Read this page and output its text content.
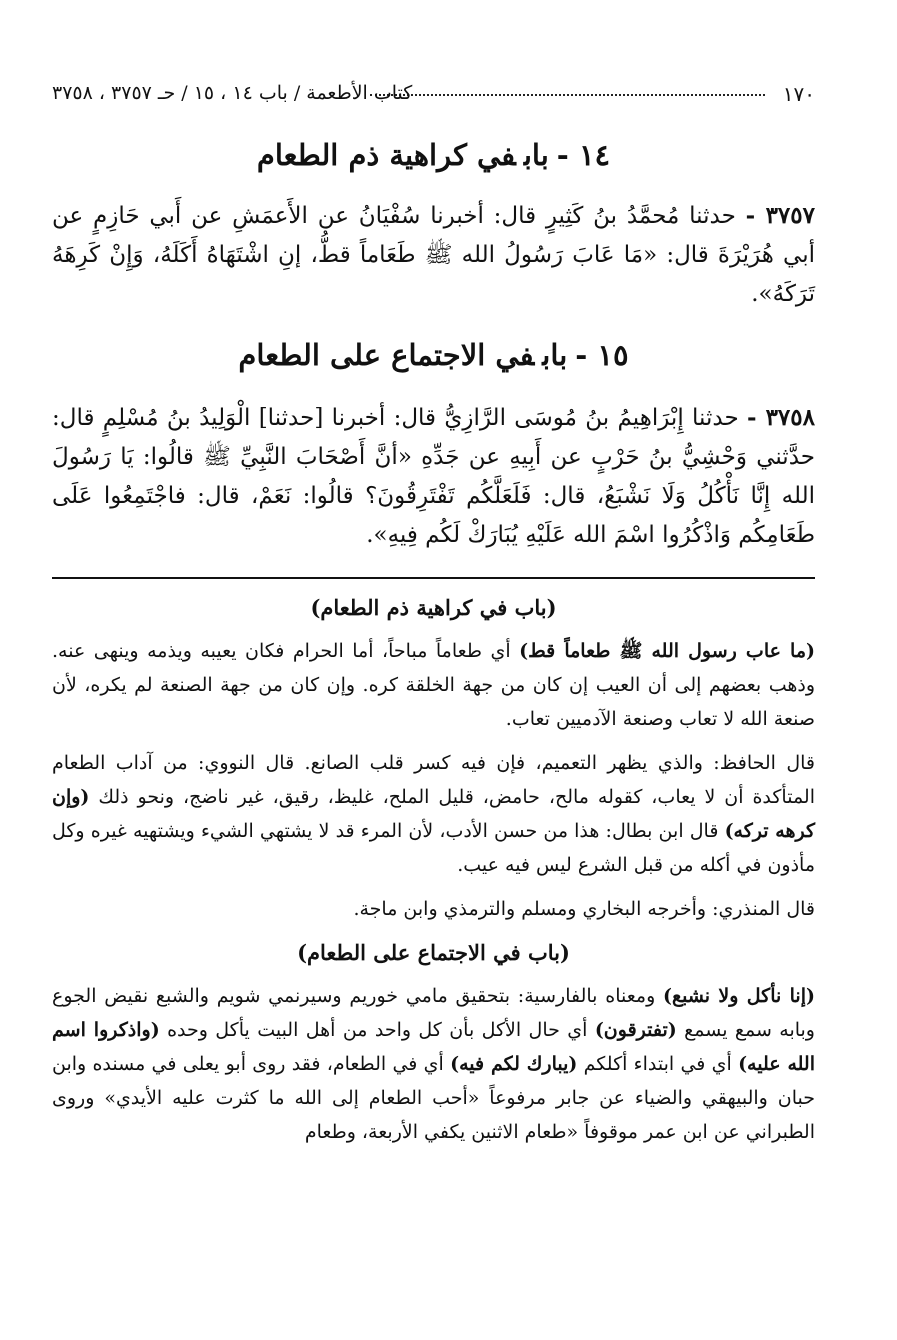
١٧٠
كتاب الأطعمة / باب ١٤ ، ١٥ / حـ ٣٧٥٧ ، ٣٧٥٨
١٤ -بابفي كراهية ذم الطعام

٣٧٥٧ - حدثنا مُحمَّدُ بنُ كَثِيرٍ قال: أخبرنا سُفْيَانُ عن الأَعمَشِ عن أَبي حَازِمٍ عن أبي هُرَيْرَةَ قال: «مَا عَابَ رَسُولُ الله ﷺ طَعَاماً قطُّ، إنِ اشْتَهَاهُ أَكَلَهُ، وَإِنْ كَرِهَهُ تَرَكَهُ».

١٥ -بابفي الاجتماع على الطعام

٣٧٥٨ - حدثنا إِبْرَاهِيمُ بنُ مُوسَى الرَّازِيُّ قال: أخبرنا [حدثنا] الْوَلِيدُ بنُ مُسْلِمٍ قال: حدَّثني وَحْشِيُّ بنُ حَرْبٍ عن أَبِيهِ عن جَدِّهِ «أنَّ أَصْحَابَ النَّبِيِّ ﷺ قالُوا: يَا رَسُولَ الله إِنَّا نَأْكُلُ وَلَا نَشْبَعُ، قال: فَلَعَلَّكُم تَفْتَرِقُونَ؟ قالُوا: نَعَمْ، قال: فاجْتَمِعُوا عَلَى طَعَامِكُم وَاذْكُرُوا اسْمَ الله عَلَيْهِ يُبَارَكْ لَكُم فِيهِ».

(باب في كراهية ذم الطعام)

(ما عاب رسول الله ﷺ طعاماً قط) أي طعاماً مباحاً، أما الحرام فكان يعيبه ويذمه وينهى عنه. وذهب بعضهم إلى أن العيب إن كان من جهة الخلقة كره. وإن كان من جهة الصنعة لم يكره، لأن صنعة الله لا تعاب وصنعة الآدميين تعاب.

قال الحافظ: والذي يظهر التعميم، فإن فيه كسر قلب الصانع. قال النووي: من آداب الطعام المتأكدة أن لا يعاب، كقوله مالح، حامض، قليل الملح، غليظ، رقيق، غير ناضج، ونحو ذلك (وإن كرهه تركه) قال ابن بطال: هذا من حسن الأدب، لأن المرء قد لا يشتهي الشيء ويشتهيه غيره وكل مأذون في أكله من قبل الشرع ليس فيه عيب.

قال المنذري: وأخرجه البخاري ومسلم والترمذي وابن ماجة.

(باب في الاجتماع على الطعام)

(إنا نأكل ولا نشبع) ومعناه بالفارسية: بتحقيق مامي خوريم وسيرنمي شويم والشبع نقيض الجوع وبابه سمع يسمع (تفترقون) أي حال الأكل بأن كل واحد من أهل البيت يأكل وحده (واذكروا اسم الله عليه) أي في ابتداء أكلكم (يبارك لكم فيه) أي في الطعام، فقد روى أبو يعلى في مسنده وابن حبان والبيهقي والضياء عن جابر مرفوعاً «أحب الطعام إلى الله ما كثرت عليه الأيدي» وروى الطبراني عن ابن عمر موقوفاً «طعام الاثنين يكفي الأربعة، وطعام
